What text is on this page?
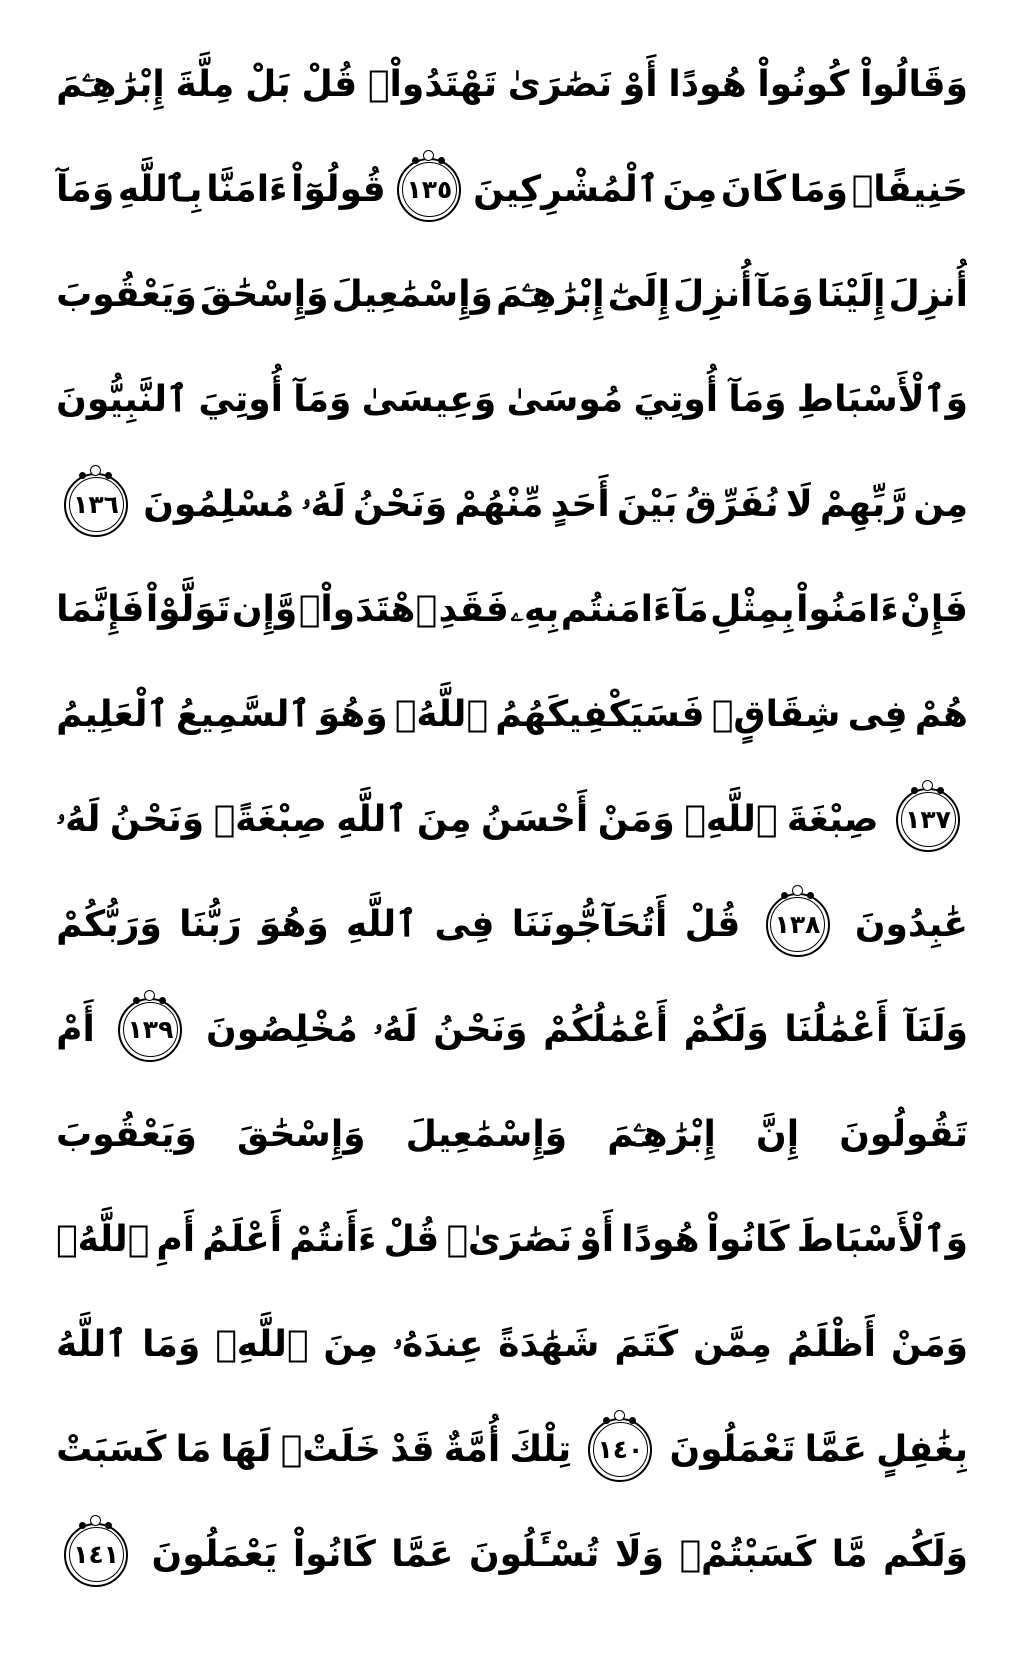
وَقَالُواْ
كُونُواْ
هُودًا
أَوْ
نَصَٰرَىٰ
تَهْتَدُواْۗ
قُلْ
بَلْ
مِلَّةَ
إِبْرَٰهِـۧمَ
حَنِيفًاۖ
وَمَا
كَانَ
مِنَ
ٱلْمُشْرِكِينَ
١٣٥
قُولُوٓاْ
ءَامَنَّا
بِٱللَّهِ
وَمَآ
أُنزِلَ
إِلَيْنَا
وَمَآ
أُنزِلَ
إِلَىٰٓ
إِبْرَٰهِـۧمَ
وَإِسْمَٰعِيلَ
وَإِسْحَٰقَ
وَيَعْقُوبَ
وَٱلْأَسْبَاطِ
وَمَآ
أُوتِيَ
مُوسَىٰ
وَعِيسَىٰ
وَمَآ
أُوتِيَ
ٱلنَّبِيُّونَ
مِن
رَّبِّهِمْ
لَا
نُفَرِّقُ
بَيْنَ
أَحَدٍ
مِّنْهُمْ
وَنَحْنُ
لَهُۥ
مُسْلِمُونَ
١٣٦
فَإِنْ
ءَامَنُواْ
بِمِثْلِ
مَآ
ءَامَنتُم
بِهِۦ
فَقَدِ
ٱهْتَدَواْۖ
وَّإِن
تَوَلَّوْاْ
فَإِنَّمَا
هُمْ
فِى
شِقَاقٍۖ
فَسَيَكْفِيكَهُمُ
ٱللَّهُۚ
وَهُوَ
ٱلسَّمِيعُ
ٱلْعَلِيمُ
١٣٧
صِبْغَةَ
ٱللَّهِۖ
وَمَنْ
أَحْسَنُ
مِنَ
ٱللَّهِ
صِبْغَةًۖ
وَنَحْنُ
لَهُۥ
عَٰبِدُونَ
١٣٨
قُلْ
أَتُحَآجُّونَنَا
فِى
ٱللَّهِ
وَهُوَ
رَبُّنَا
وَرَبُّكُمْ
وَلَنَآ
أَعْمَٰلُنَا
وَلَكُمْ
أَعْمَٰلُكُمْ
وَنَحْنُ
لَهُۥ
مُخْلِصُونَ
١٣٩
أَمْ
تَقُولُونَ
إِنَّ
إِبْرَٰهِـۧمَ
وَإِسْمَٰعِيلَ
وَإِسْحَٰقَ
وَيَعْقُوبَ
وَٱلْأَسْبَاطَ
كَانُواْ
هُودًا
أَوْ
نَصَٰرَىٰۗ
قُلْ
ءَأَنتُمْ
أَعْلَمُ
أَمِ
ٱللَّهُۗ
وَمَنْ
أَظْلَمُ
مِمَّن
كَتَمَ
شَهَٰدَةً
عِندَهُۥ
مِنَ
ٱللَّهِۗ
وَمَا
ٱللَّهُ
بِغَٰفِلٍ
عَمَّا
تَعْمَلُونَ
١٤٠
تِلْكَ
أُمَّةٌ
قَدْ
خَلَتْۖ
لَهَا
مَا
كَسَبَتْ
وَلَكُم
مَّا
كَسَبْتُمْۖ
وَلَا
تُسْـَٔلُونَ
عَمَّا
كَانُواْ
يَعْمَلُونَ
١٤١
